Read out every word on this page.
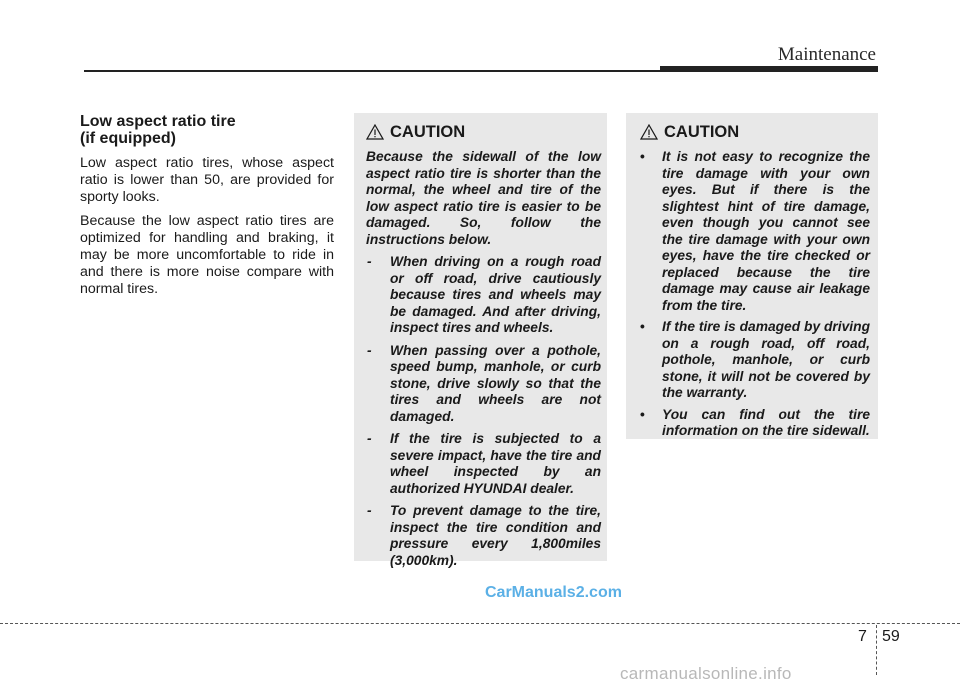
Maintenance
Low aspect ratio tire
(if equipped)

Low aspect ratio tires, whose aspect ratio is lower than 50, are provided for sporty looks.

Because the low aspect ratio tires are optimized for handling and braking, it may be more uncomfortable to ride in and there is more noise compare with normal tires.

CAUTION

Because the sidewall of the low aspect ratio tire is shorter than the normal, the wheel and tire of the low aspect ratio tire is easier to be damaged. So, follow the instructions below.

- When driving on a rough road or off road, drive cautiously because tires and wheels may be damaged. And after driving, inspect tires and wheels.
- When passing over a pothole, speed bump, manhole, or curb stone, drive slowly so that the tires and wheels are not damaged.
- If the tire is subjected to a severe impact, have the tire and wheel inspected by an authorized HYUNDAI dealer.
- To prevent damage to the tire, inspect the tire condition and pressure every 1,800miles (3,000km).
CAUTION
• It is not easy to recognize the tire damage with your own eyes. But if there is the slightest hint of tire damage, even though you cannot see the tire damage with your own eyes, have the tire checked or replaced because the tire damage may cause air leakage from the tire.
• If the tire is damaged by driving on a rough road, off road, pothole, manhole, or curb stone, it will not be covered by the warranty.
• You can find out the tire information on the tire sidewall.
CarManuals2.com
7 59
carmanualsonline.info
